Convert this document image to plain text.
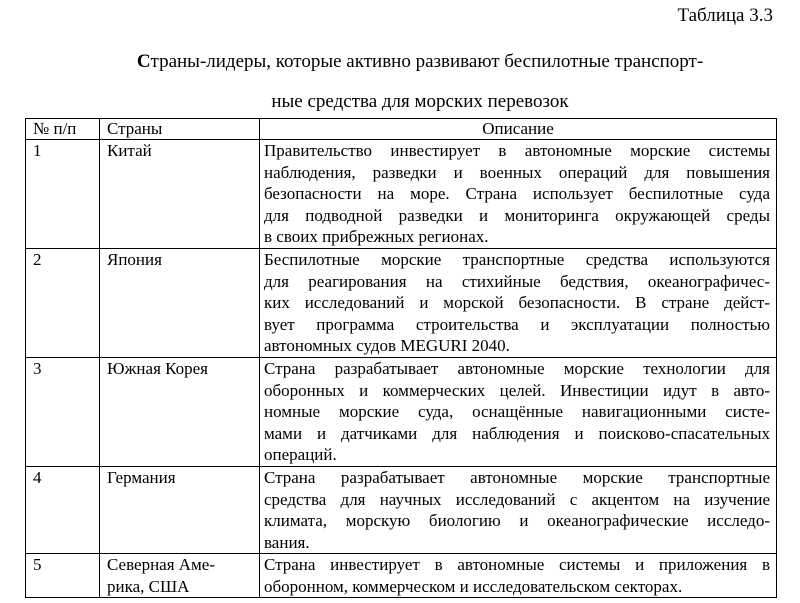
Таблица 3.3
Страны-лидеры, которые активно развивают беспилотные транспорт-
ные средства для морских перевозок
№ п/п	Страны	Описание
1	Китай	Правительство инвестирует в автономные морские системы
наблюдения, разведки и военных операций для повышения
безопасности на море. Страна использует беспилотные суда
для подводной разведки и мониторинга окружающей среды
в своих прибрежных регионах.

2	Япония	Беспилотные морские транспортные средства используются
для реагирования на стихийные бедствия, океанографичес-
ких исследований и морской безопасности. В стране дейст-
вует программа строительства и эксплуатации полностью
автономных судов MEGURI 2040.

3	Южная Корея	Страна разрабатывает автономные морские технологии для
оборонных и коммерческих целей. Инвестиции идут в авто-
номные морские суда, оснащённые навигационными систе-
мами и датчиками для наблюдения и поисково-спасательных
операций.

4	Германия	Страна разрабатывает автономные морские транспортные
средства для научных исследований с акцентом на изучение
климата, морскую биологию и океанографические исследо-
вания.

5	Северная Аме-
рика, США	Страна инвестирует в автономные системы и приложения в
оборонном, коммерческом и исследовательском секторах.
